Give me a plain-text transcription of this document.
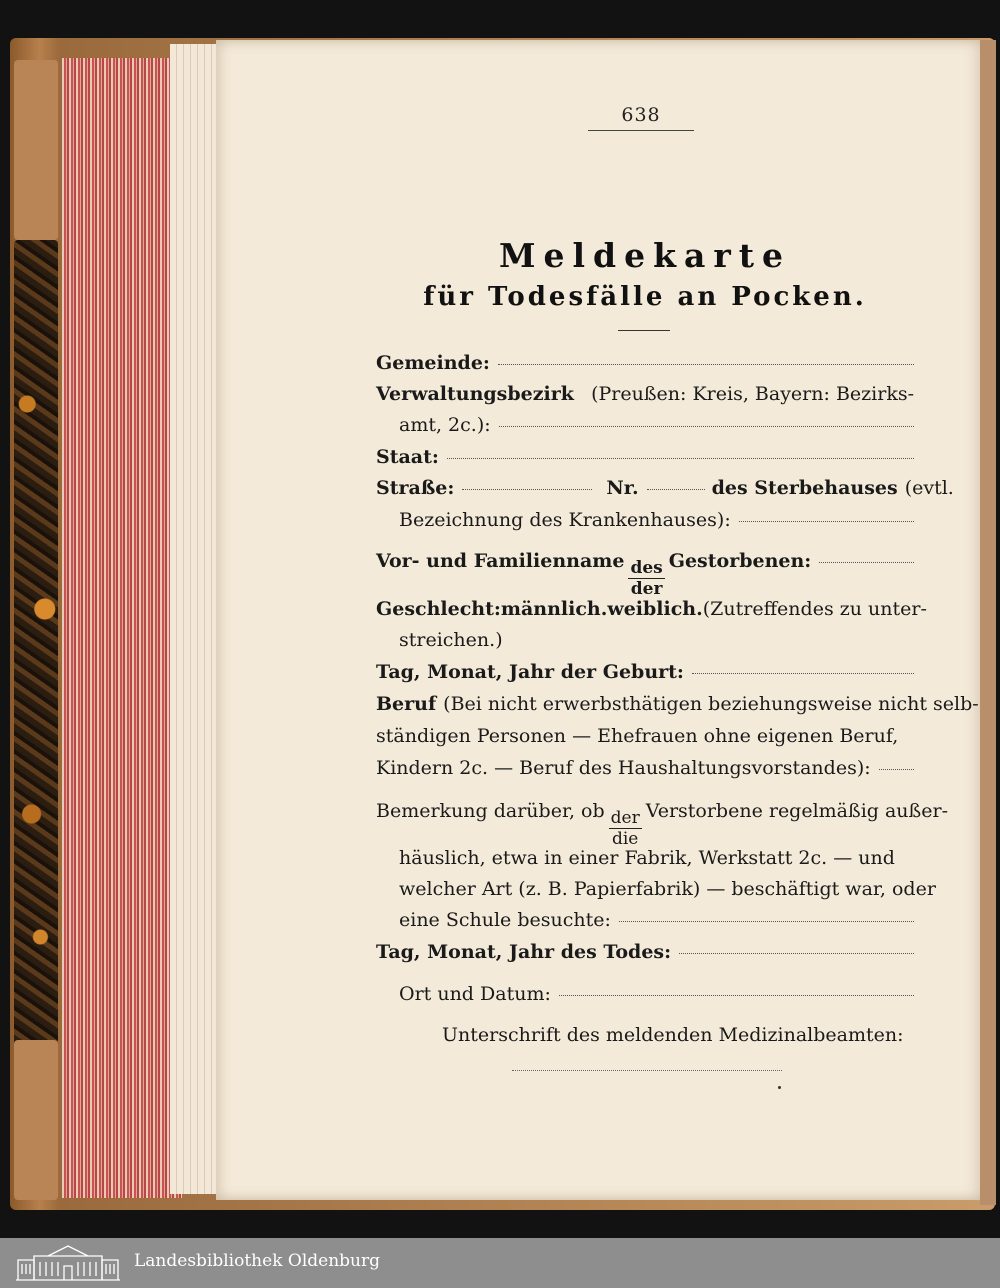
638
Meldekarte
für Todesfälle an Pocken.
Gemeinde:
Verwaltungsbezirk (Preußen: Kreis, Bayern: Bezirks-
amt, 2c.):
Staat:
Straße:	Nr.	des Sterbehauses (evtl.
Bezeichnung des Krankenhauses):
Vor- und Familienname $\frac{\text{des}}{\text{der}}$ Gestorbenen:
Geschlecht: männlich. weiblich. (Zutreffendes zu unter-
streichen.)
Tag, Monat, Jahr der Geburt:
Beruf (Bei nicht erwerbsthätigen beziehungsweise nicht selb-
ständigen Personen — Ehefrauen ohne eigenen Beruf,
Kindern 2c. — Beruf des Haushaltungsvorstandes):
Bemerkung darüber, ob $\frac{\text{der}}{\text{die}}$ Verstorbene regelmäßig außer-
häuslich, etwa in einer Fabrik, Werkstatt 2c. — und
welcher Art (z. B. Papierfabrik) — beschäftigt war, oder
eine Schule besuchte:
Tag, Monat, Jahr des Todes:
Ort und Datum:
Unterschrift des meldenden Medizinalbeamten:
Landesbibliothek Oldenburg
